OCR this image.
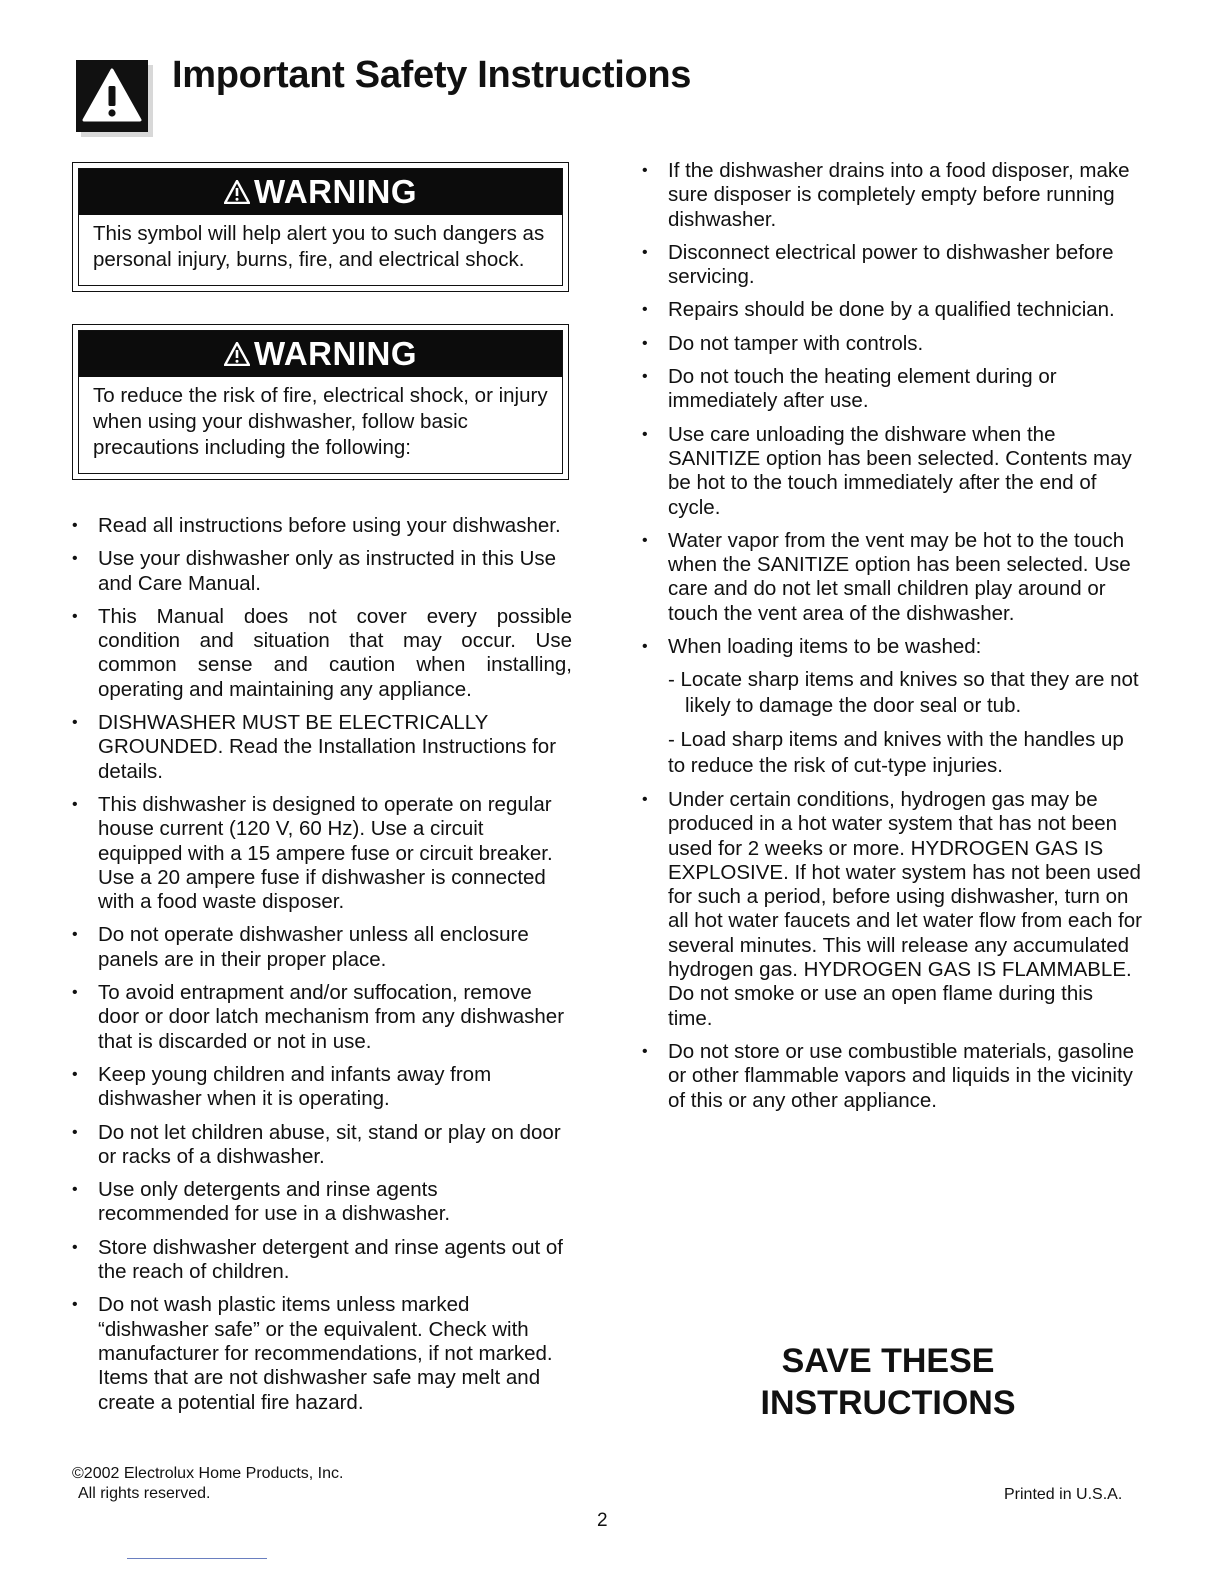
Important Safety Instructions
WARNING
This symbol will help alert you to such dangers as personal injury, burns, fire, and electrical shock.
WARNING
To reduce the risk of fire, electrical shock, or injury when using your dishwasher, follow basic precautions including the following:
• Read all instructions before using your dishwasher.
• Use your dishwasher only as instructed in this Use and Care Manual.
• This Manual does not cover every possible condition and situation that may occur. Use common sense and caution when installing, operating and maintaining any appliance.
• DISHWASHER MUST BE ELECTRICALLY GROUNDED. Read the Installation Instructions for details.
• This dishwasher is designed to operate on regular house current (120 V, 60 Hz). Use a circuit equipped with a 15 ampere fuse or circuit breaker. Use a 20 ampere fuse if dishwasher is connected with a food waste disposer.
• Do not operate dishwasher unless all enclosure panels are in their proper place.
• To avoid entrapment and/or suffocation, remove door or door latch mechanism from any dishwasher that is discarded or not in use.
• Keep young children and infants away from dishwasher when it is operating.
• Do not let children abuse, sit, stand or play on door or racks of a dishwasher.
• Use only detergents and rinse agents recommended for use in a dishwasher.
• Store dishwasher detergent and rinse agents out of the reach of children.
• Do not wash plastic items unless marked “dishwasher safe” or the equivalent. Check with manufacturer for recommendations, if not marked. Items that are not dishwasher safe may melt and create a potential fire hazard.
• If the dishwasher drains into a food disposer, make sure disposer is completely empty before running dishwasher.
• Disconnect electrical power to dishwasher before servicing.
• Repairs should be done by a qualified technician.
• Do not tamper with controls.
• Do not touch the heating element during or immediately after use.
• Use care unloading the dishware when the SANITIZE option has been selected. Contents may be hot to the touch immediately after the end of cycle.
• Water vapor from the vent may be hot to the touch when the SANITIZE option has been selected. Use care and do not let small children play around or touch the vent area of the dishwasher.
• When loading items to be washed:
- Locate sharp items and knives so that they are not likely to damage the door seal or tub.
- Load sharp items and knives with the handles up to reduce the risk of cut-type injuries.
• Under certain conditions, hydrogen gas may be produced in a hot water system that has not been used for 2 weeks or more. HYDROGEN GAS IS EXPLOSIVE. If hot water system has not been used for such a period, before using dishwasher, turn on all hot water faucets and let water flow from each for several minutes. This will release any accumulated hydrogen gas. HYDROGEN GAS IS FLAMMABLE. Do not smoke or use an open flame during this time.
• Do not store or use combustible materials, gasoline or other flammable vapors and liquids in the vicinity of this or any other appliance.
SAVE THESE
INSTRUCTIONS
©2002 Electrolux Home Products, Inc.
All rights reserved.	Printed in U.S.A.
2
